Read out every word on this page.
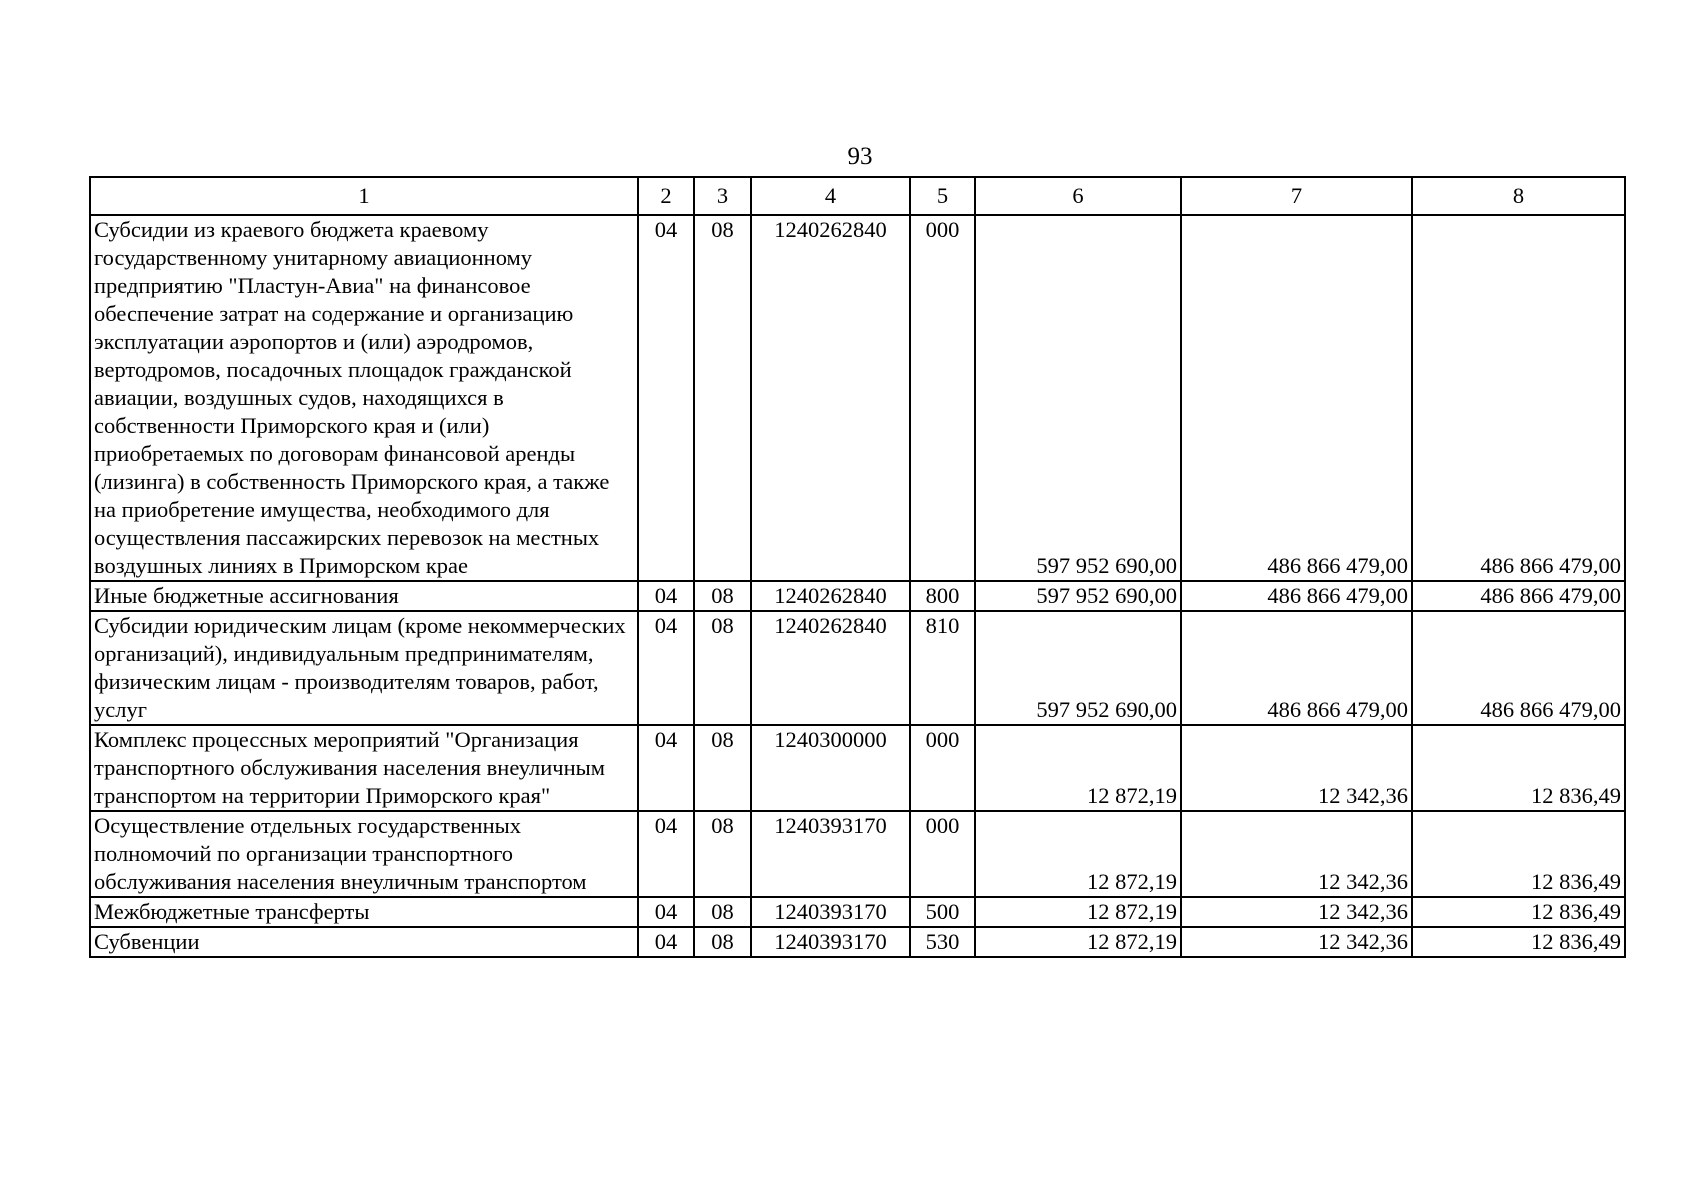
93
1	2	3	4	5	6	7	8
Субсидии из краевого бюджета краевому государственному унитарному авиационному предприятию "Пластун-Авиа" на финансовое обеспечение затрат на содержание и организацию эксплуатации аэропортов и (или) аэродромов, вертодромов, посадочных площадок гражданской авиации, воздушных судов, находящихся в собственности Приморского края и (или) приобретаемых по договорам финансовой аренды (лизинга) в собственность Приморского края, а также на приобретение имущества, необходимого для осуществления пассажирских перевозок на местных воздушных линиях в Приморском крае	04	08	1240262840	000	597 952 690,00	486 866 479,00	486 866 479,00
Иные бюджетные ассигнования	04	08	1240262840	800	597 952 690,00	486 866 479,00	486 866 479,00
Субсидии юридическим лицам (кроме некоммерческих организаций), индивидуальным предпринимателям, физическим лицам - производителям товаров, работ, услуг	04	08	1240262840	810	597 952 690,00	486 866 479,00	486 866 479,00
Комплекс процессных мероприятий "Организация транспортного обслуживания населения внеуличным транспортом на территории Приморского края"	04	08	1240300000	000	12 872,19	12 342,36	12 836,49
Осуществление отдельных государственных полномочий по организации транспортного обслуживания населения внеуличным транспортом	04	08	1240393170	000	12 872,19	12 342,36	12 836,49
Межбюджетные трансферты	04	08	1240393170	500	12 872,19	12 342,36	12 836,49
Субвенции	04	08	1240393170	530	12 872,19	12 342,36	12 836,49
